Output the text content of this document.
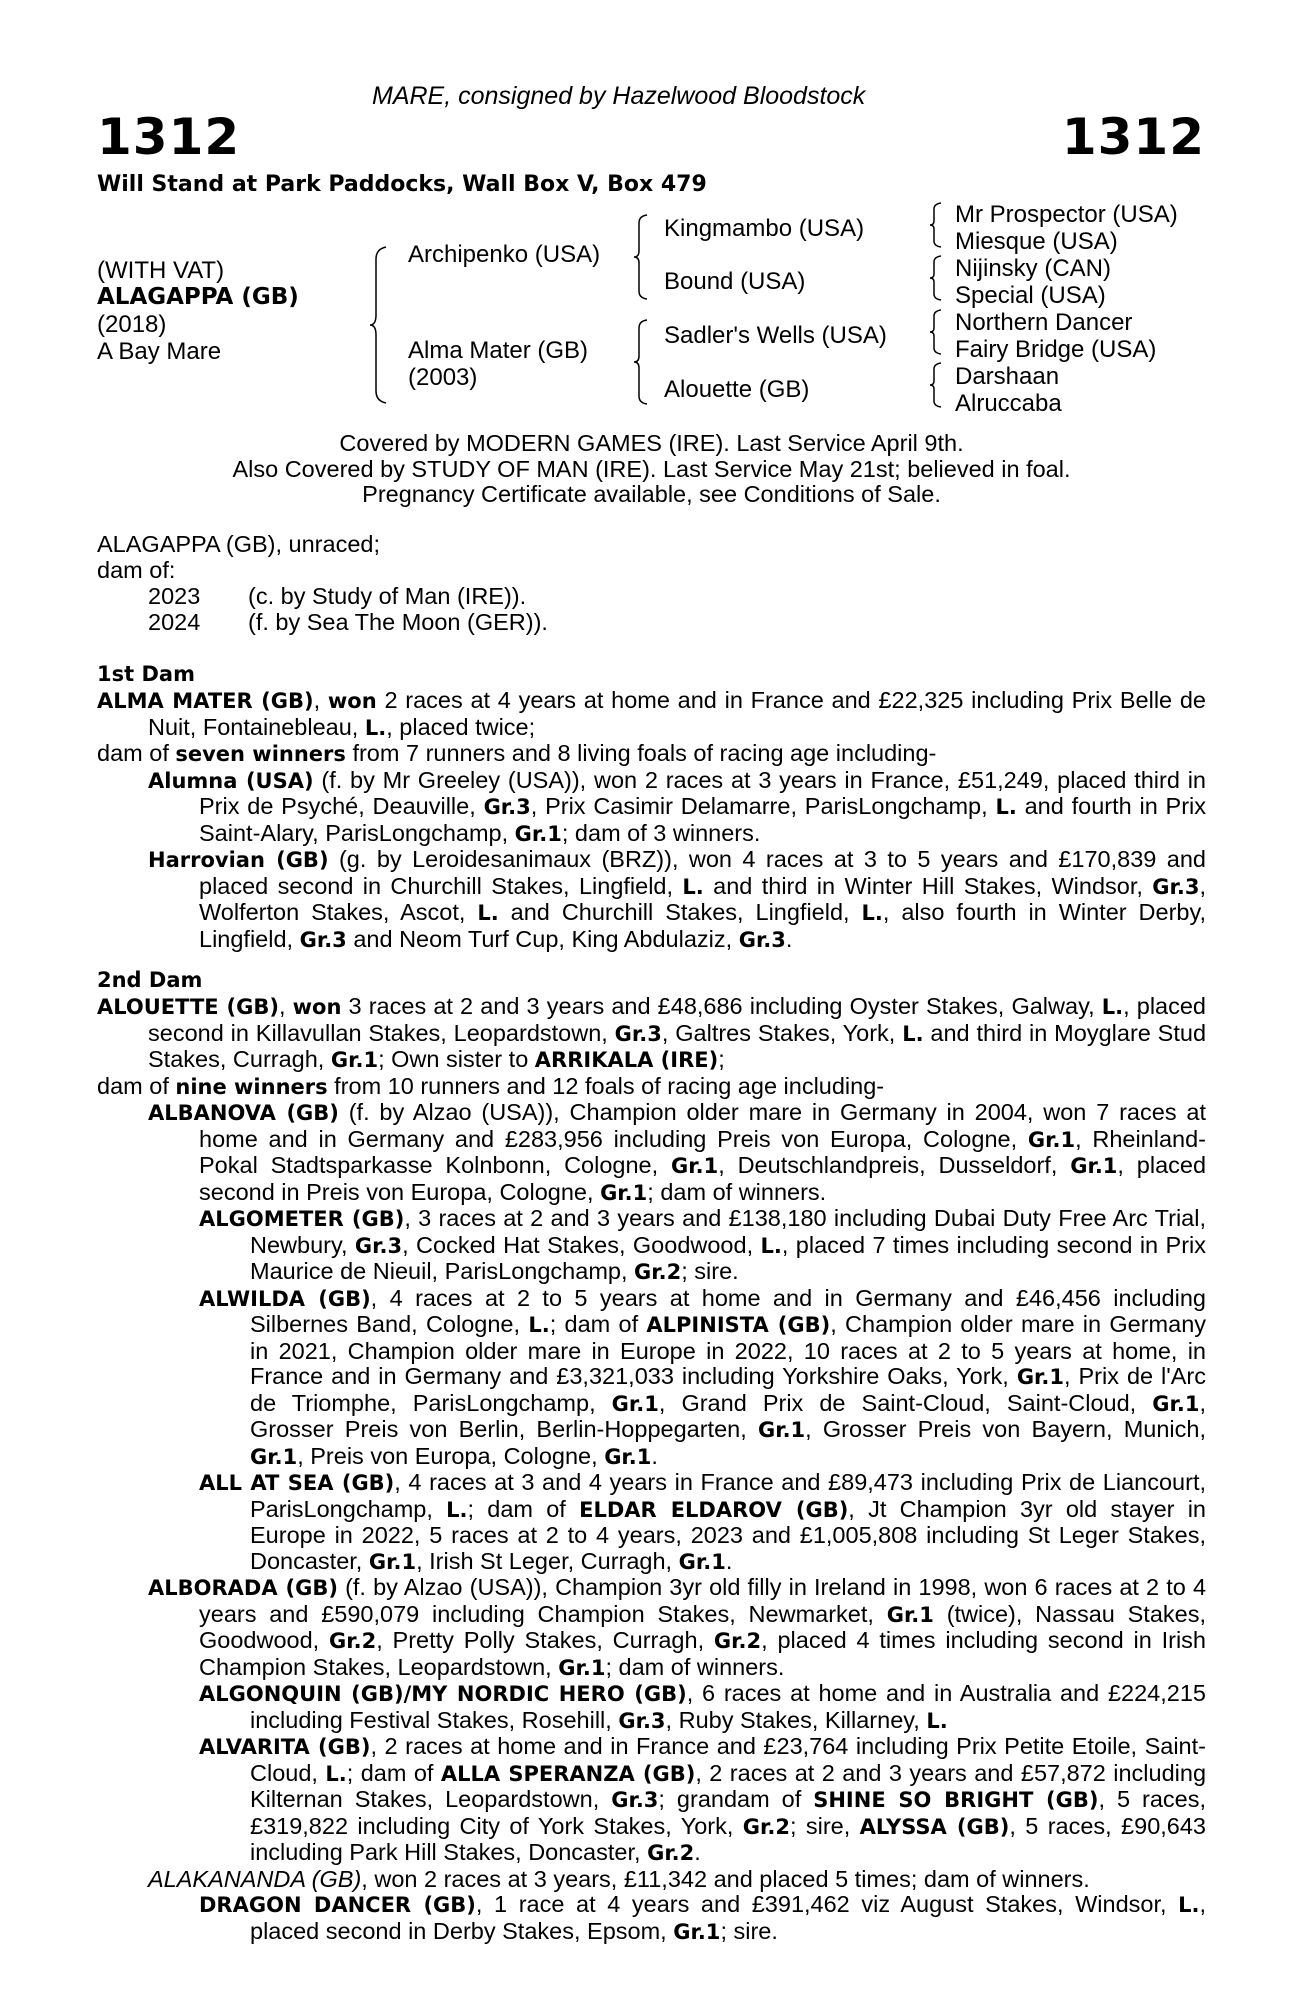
MARE, consigned by Hazelwood Bloodstock
1312	1312
Will Stand at Park Paddocks, Wall Box V, Box 479
(WITH VAT)
ALAGAPPA (GB)
(2018)
A Bay Mare
Archipenko (USA)
Alma Mater (GB)
(2003)
Kingmambo (USA)
Bound (USA)
Sadler's Wells (USA)
Alouette (GB)
Mr Prospector (USA)
Miesque (USA)
Nijinsky (CAN)
Special (USA)
Northern Dancer
Fairy Bridge (USA)
Darshaan
Alruccaba
Covered by MODERN GAMES (IRE). Last Service April 9th.
Also Covered by STUDY OF MAN (IRE). Last Service May 21st; believed in foal.
Pregnancy Certificate available, see Conditions of Sale.
ALAGAPPA (GB), unraced;
dam of:
2023 (c. by Study of Man (IRE)).
2024 (f. by Sea The Moon (GER)).
1st Dam

ALMA MATER (GB), won 2 races at 4 years at home and in France and £22,325 including Prix Belle de Nuit, Fontainebleau, L., placed twice;

dam of seven winners from 7 runners and 8 living foals of racing age including-

Alumna (USA) (f. by Mr Greeley (USA)), won 2 races at 3 years in France, £51,249, placed third in Prix de Psyché, Deauville, Gr.3, Prix Casimir Delamarre, ParisLongchamp, L. and fourth in Prix Saint-Alary, ParisLongchamp, Gr.1; dam of 3 winners.

Harrovian (GB) (g. by Leroidesanimaux (BRZ)), won 4 races at 3 to 5 years and £170,839 and placed second in Churchill Stakes, Lingfield, L. and third in Winter Hill Stakes, Windsor, Gr.3, Wolferton Stakes, Ascot, L. and Churchill Stakes, Lingfield, L., also fourth in Winter Derby, Lingfield, Gr.3 and Neom Turf Cup, King Abdulaziz, Gr.3.

2nd Dam

ALOUETTE (GB), won 3 races at 2 and 3 years and £48,686 including Oyster Stakes, Galway, L., placed second in Killavullan Stakes, Leopardstown, Gr.3, Galtres Stakes, York, L. and third in Moyglare Stud Stakes, Curragh, Gr.1; Own sister to ARRIKALA (IRE);

dam of nine winners from 10 runners and 12 foals of racing age including-

ALBANOVA (GB) (f. by Alzao (USA)), Champion older mare in Germany in 2004, won 7 races at home and in Germany and £283,956 including Preis von Europa, Cologne, Gr.1, Rheinland-Pokal Stadtsparkasse Kolnbonn, Cologne, Gr.1, Deutschlandpreis, Dusseldorf, Gr.1, placed second in Preis von Europa, Cologne, Gr.1; dam of winners.

ALGOMETER (GB), 3 races at 2 and 3 years and £138,180 including Dubai Duty Free Arc Trial, Newbury, Gr.3, Cocked Hat Stakes, Goodwood, L., placed 7 times including second in Prix Maurice de Nieuil, ParisLongchamp, Gr.2; sire.

ALWILDA (GB), 4 races at 2 to 5 years at home and in Germany and £46,456 including Silbernes Band, Cologne, L.; dam of ALPINISTA (GB), Champion older mare in Germany in 2021, Champion older mare in Europe in 2022, 10 races at 2 to 5 years at home, in France and in Germany and £3,321,033 including Yorkshire Oaks, York, Gr.1, Prix de l'Arc de Triomphe, ParisLongchamp, Gr.1, Grand Prix de Saint-Cloud, Saint-Cloud, Gr.1, Grosser Preis von Berlin, Berlin-Hoppegarten, Gr.1, Grosser Preis von Bayern, Munich, Gr.1, Preis von Europa, Cologne, Gr.1.

ALL AT SEA (GB), 4 races at 3 and 4 years in France and £89,473 including Prix de Liancourt, ParisLongchamp, L.; dam of ELDAR ELDAROV (GB), Jt Champion 3yr old stayer in Europe in 2022, 5 races at 2 to 4 years, 2023 and £1,005,808 including St Leger Stakes, Doncaster, Gr.1, Irish St Leger, Curragh, Gr.1.

ALBORADA (GB) (f. by Alzao (USA)), Champion 3yr old filly in Ireland in 1998, won 6 races at 2 to 4 years and £590,079 including Champion Stakes, Newmarket, Gr.1 (twice), Nassau Stakes, Goodwood, Gr.2, Pretty Polly Stakes, Curragh, Gr.2, placed 4 times including second in Irish Champion Stakes, Leopardstown, Gr.1; dam of winners.

ALGONQUIN (GB)/MY NORDIC HERO (GB), 6 races at home and in Australia and £224,215 including Festival Stakes, Rosehill, Gr.3, Ruby Stakes, Killarney, L.

ALVARITA (GB), 2 races at home and in France and £23,764 including Prix Petite Etoile, Saint-Cloud, L.; dam of ALLA SPERANZA (GB), 2 races at 2 and 3 years and £57,872 including Kilternan Stakes, Leopardstown, Gr.3; grandam of SHINE SO BRIGHT (GB), 5 races, £319,822 including City of York Stakes, York, Gr.2; sire, ALYSSA (GB), 5 races, £90,643 including Park Hill Stakes, Doncaster, Gr.2.

ALAKANANDA (GB), won 2 races at 3 years, £11,342 and placed 5 times; dam of winners.

DRAGON DANCER (GB), 1 race at 4 years and £391,462 viz August Stakes, Windsor, L., placed second in Derby Stakes, Epsom, Gr.1; sire.
